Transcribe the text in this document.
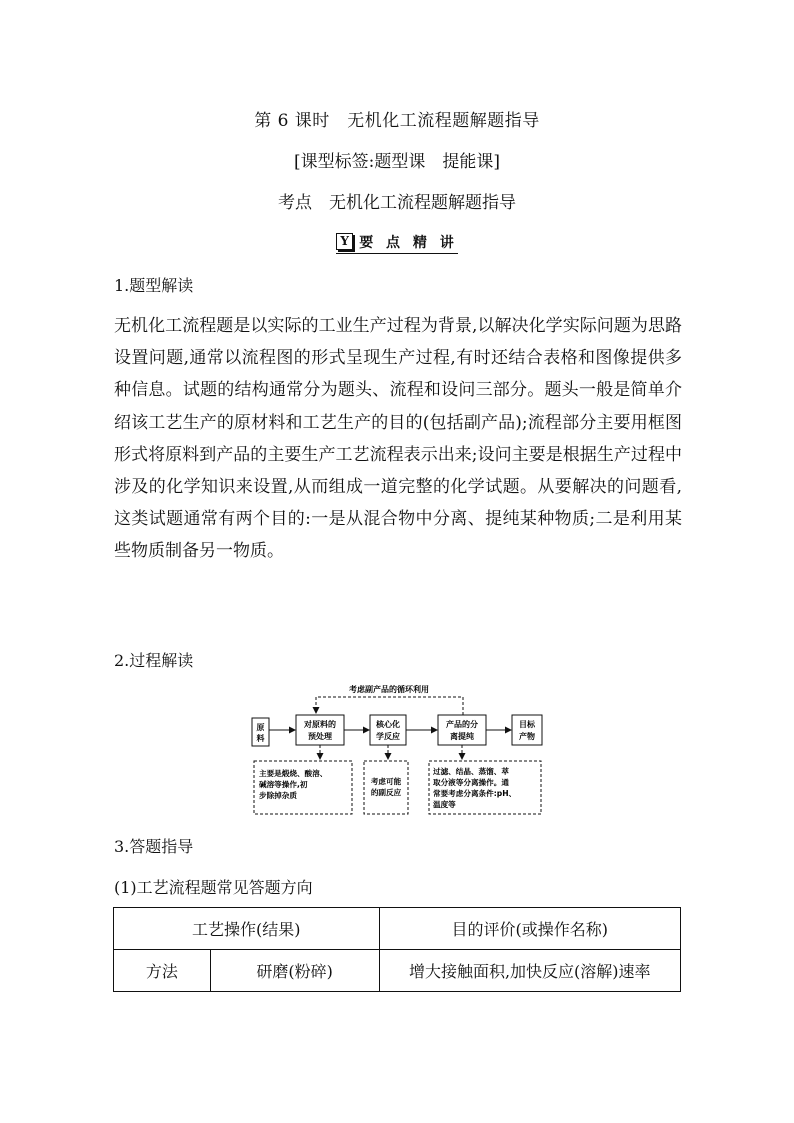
第 6 课时　无机化工流程题解题指导
[课型标签:题型课　提能课]
考点　无机化工流程题解题指导
Y 要 点 精 讲
1.题型解读

无机化工流程题是以实际的工业生产过程为背景,以解决化学实际问题为思路设置问题,通常以流程图的形式呈现生产过程,有时还结合表格和图像提供多种信息。试题的结构通常分为题头、流程和设问三部分。题头一般是简单介绍该工艺生产的原材料和工艺生产的目的(包括副产品);流程部分主要用框图形式将原料到产品的主要生产工艺流程表示出来;设问主要是根据生产过程中涉及的化学知识来设置,从而组成一道完整的化学试题。从要解决的问题看,这类试题通常有两个目的:一是从混合物中分离、提纯某种物质;二是利用某些物质制备另一物质。

2.过程解读
考虑副产品的循环利用
原
料
对原料的
预处理
核心化
学反应
产品的分
离提纯
目标
产物
主要是煅烧、酸溶、
碱溶等操作,初
步除掉杂质
考虑可能
的副反应
过滤、结晶、蒸馏、萃
取分液等分离操作。通
常要考虑分离条件:pH、
温度等
3.答题指导
(1)工艺流程题常见答题方向
工艺操作(结果)		目的评价(或操作名称)
方法	研磨(粉碎)	增大接触面积,加快反应(溶解)速率
